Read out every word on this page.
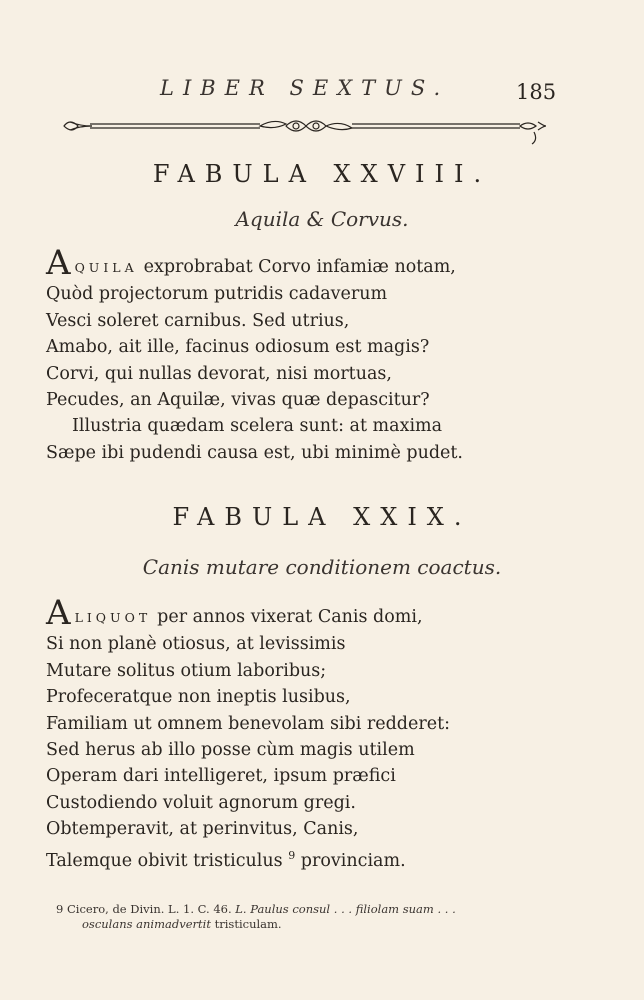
LIBER SEXTUS.	185
FABULA XXVIII.
Aquila & Corvus.
AQUILA exprobrabat Corvo infamiæ notam,
Quòd projectorum putridis cadaverum
Vesci soleret carnibus. Sed utrius,
Amabo, ait ille, facinus odiosum est magis?
Corvi, qui nullas devorat, nisi mortuas,
Pecudes, an Aquilæ, vivas quæ depascitur?
Illustria quædam scelera sunt: at maxima
Sæpe ibi pudendi causa est, ubi minimè pudet.
FABULA XXIX.
Canis mutare conditionem coactus.
ALIQUOT per annos vixerat Canis domi,
Si non planè otiosus, at levissimis
Mutare solitus otium laboribus;
Profeceratque non ineptis lusibus,
Familiam ut omnem benevolam sibi redderet:
Sed herus ab illo posse cùm magis utilem
Operam dari intelligeret, ipsum præfici
Custodiendo voluit agnorum gregi.
Obtemperavit, at perinvitus, Canis,
Talemque obivit tristiculus $^9$ provinciam.
9 Cicero, de Divin. L. 1. C. 46. L. Paulus consul . . . filiolam suam . . .
osculans animadvertit tristiculam.
